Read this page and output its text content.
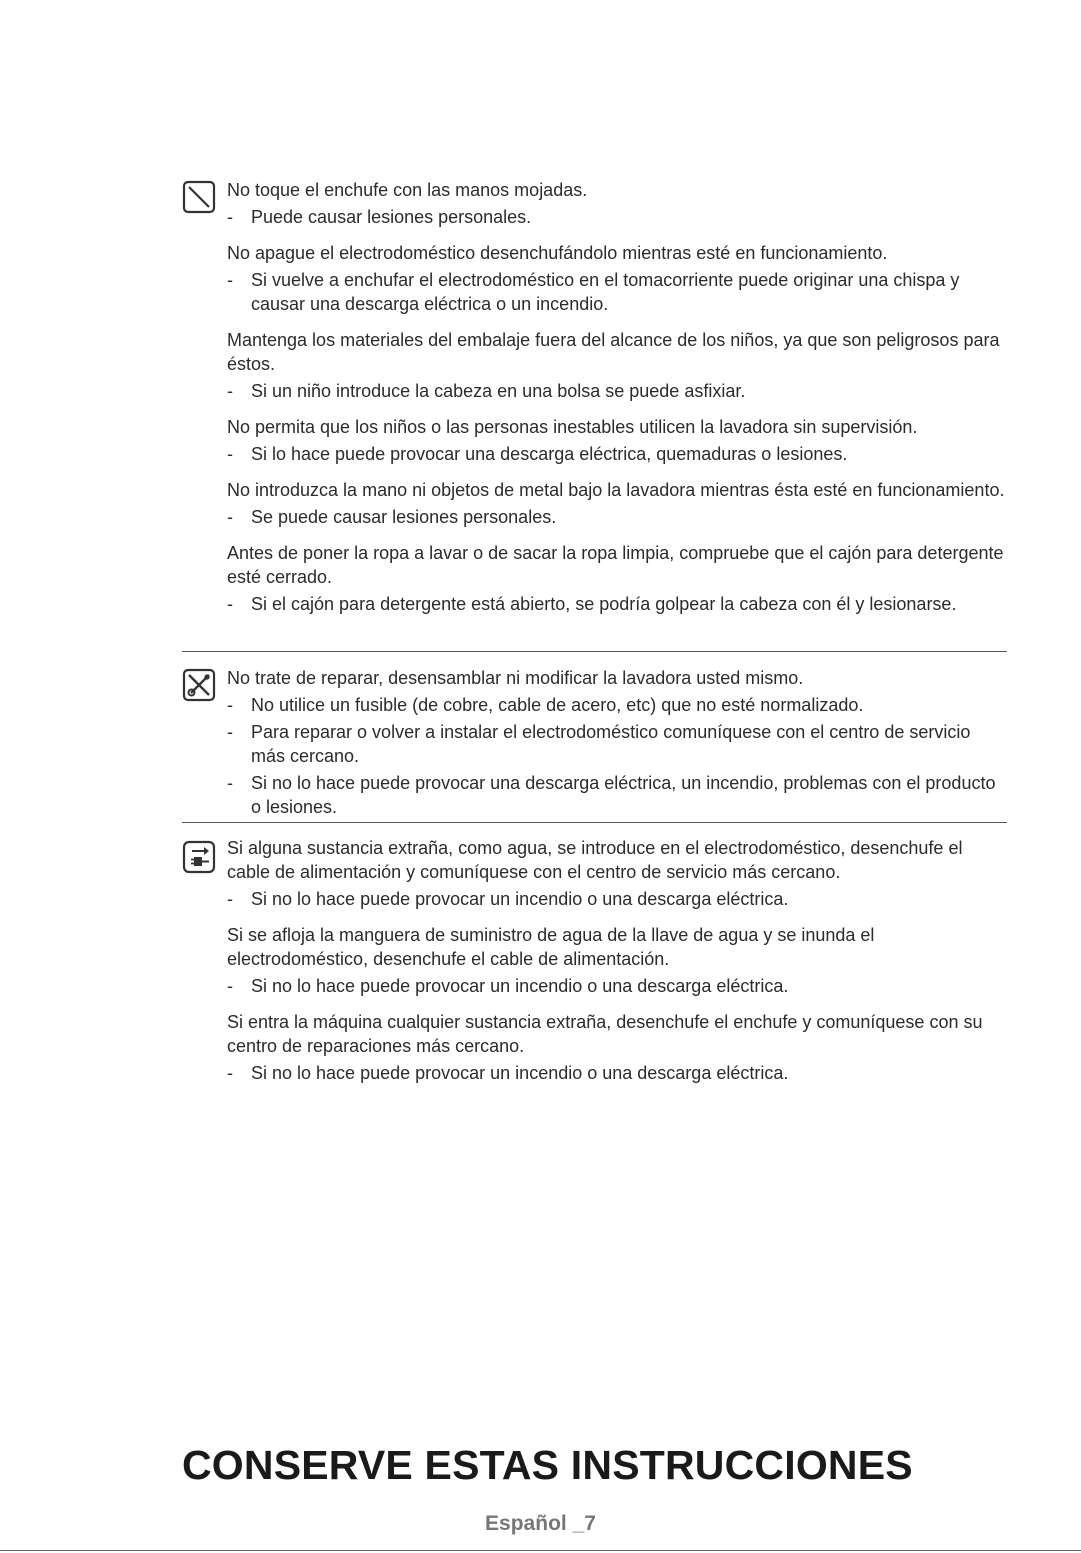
No toque el enchufe con las manos mojadas.
- Puede causar lesiones personales.
No apague el electrodoméstico desenchufándolo mientras esté en funcionamiento.
- Si vuelve a enchufar el electrodoméstico en el tomacorriente puede originar una chispa y causar una descarga eléctrica o un incendio.
Mantenga los materiales del embalaje fuera del alcance de los niños, ya que son peligrosos para éstos.
- Si un niño introduce la cabeza en una bolsa se puede asfixiar.
No permita que los niños o las personas inestables utilicen la lavadora sin supervisión.
- Si lo hace puede provocar una descarga eléctrica, quemaduras o lesiones.
No introduzca la mano ni objetos de metal bajo la lavadora mientras ésta esté en funcionamiento.
- Se puede causar lesiones personales.
Antes de poner la ropa a lavar o de sacar la ropa limpia, compruebe que el cajón para detergente esté cerrado.
- Si el cajón para detergente está abierto, se podría golpear la cabeza con él y lesionarse.
No trate de reparar, desensamblar ni modificar la lavadora usted mismo.
- No utilice un fusible (de cobre, cable de acero, etc) que no esté normalizado.
- Para reparar o volver a instalar el electrodoméstico comuníquese con el centro de servicio más cercano.
- Si no lo hace puede provocar una descarga eléctrica, un incendio, problemas con el producto o lesiones.
Si alguna sustancia extraña, como agua, se introduce en el electrodoméstico, desenchufe el cable de alimentación y comuníquese con el centro de servicio más cercano.
- Si no lo hace puede provocar un incendio o una descarga eléctrica.
Si se afloja la manguera de suministro de agua de la llave de agua y se inunda el electrodoméstico, desenchufe el cable de alimentación.
- Si no lo hace puede provocar un incendio o una descarga eléctrica.
Si entra la máquina cualquier sustancia extraña, desenchufe el enchufe y comuníquese con su centro de reparaciones más cercano.
- Si no lo hace puede provocar un incendio o una descarga eléctrica.
CONSERVE ESTAS INSTRUCCIONES
Español _7
